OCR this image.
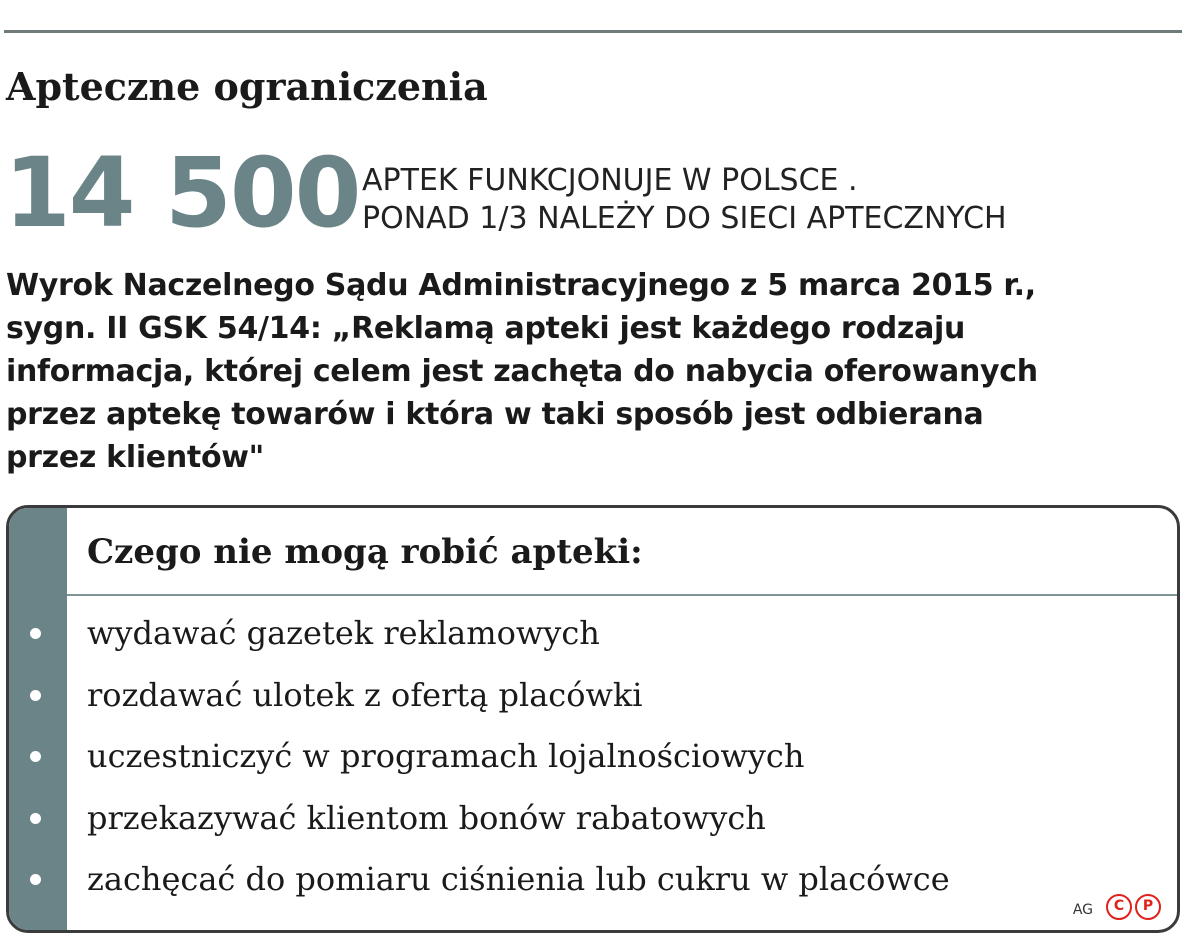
Apteczne ograniczenia
14 500 APTEK FUNKCJONUJE W POLSCE .
PONAD 1/3 NALEŻY DO SIECI APTECZNYCH
Wyrok Naczelnego Sądu Administracyjnego z 5 marca 2015 r.,
sygn. II GSK 54/14: „Reklamą apteki jest każdego rodzaju
informacja, której celem jest zachęta do nabycia oferowanych
przez aptekę towarów i która w taki sposób jest odbierana
przez klientów"
Czego nie mogą robić apteki:
wydawać gazetek reklamowych
rozdawać ulotek z ofertą placówki
uczestniczyć w programach lojalnościowych
przekazywać klientom bonów rabatowych
zachęcać do pomiaru ciśnienia lub cukru w placówce
AG	C	P
